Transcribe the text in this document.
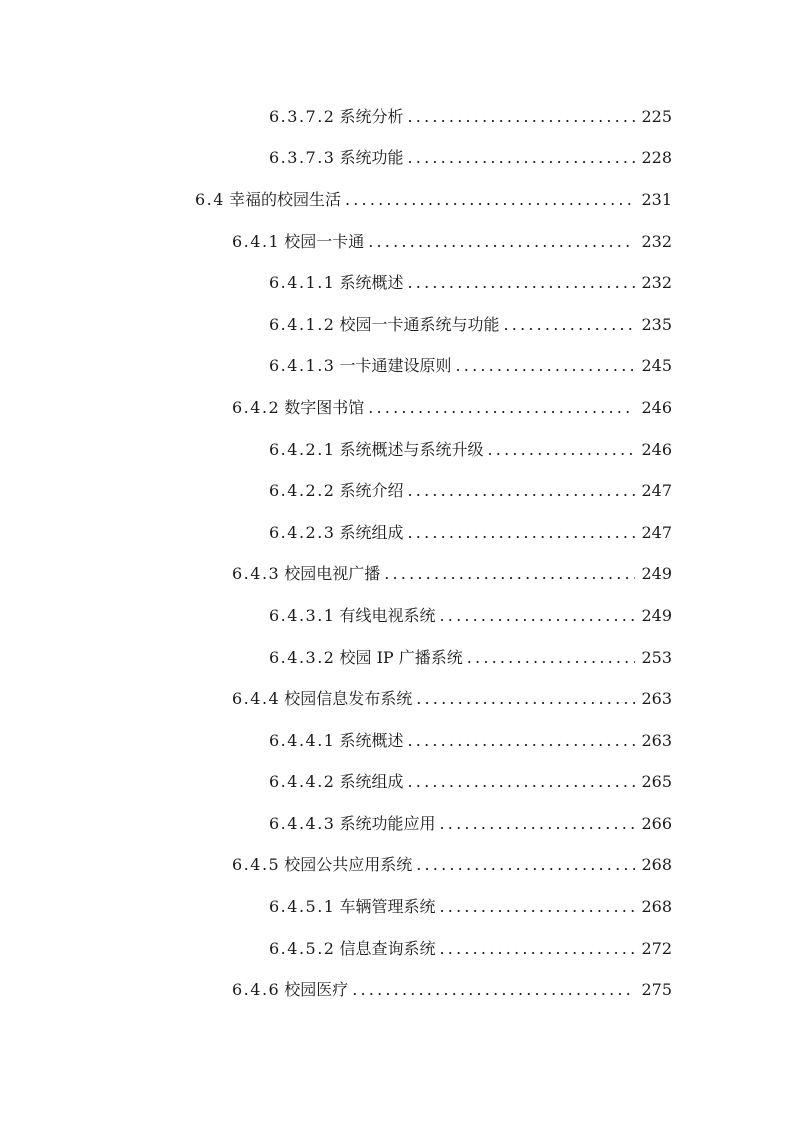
6.3.7.2 系统分析 .....	225
6.3.7.3 系统功能 .....	228
6.4 幸福的校园生活 .....	231
6.4.1 校园一卡通 .....	232
6.4.1.1 系统概述 .....	232
6.4.1.2 校园一卡通系统与功能 .....	235
6.4.1.3 一卡通建设原则 .....	245
6.4.2 数字图书馆 .....	246
6.4.2.1 系统概述与系统升级 .....	246
6.4.2.2 系统介绍 .....	247
6.4.2.3 系统组成 .....	247
6.4.3 校园电视广播 .....	249
6.4.3.1 有线电视系统 .....	249
6.4.3.2 校园 IP 广播系统 .....	253
6.4.4 校园信息发布系统 .....	263
6.4.4.1 系统概述 .....	263
6.4.4.2 系统组成 .....	265
6.4.4.3 系统功能应用 .....	266
6.4.5 校园公共应用系统 .....	268
6.4.5.1 车辆管理系统 .....	268
6.4.5.2 信息查询系统 .....	272
6.4.6 校园医疗 .....	275
